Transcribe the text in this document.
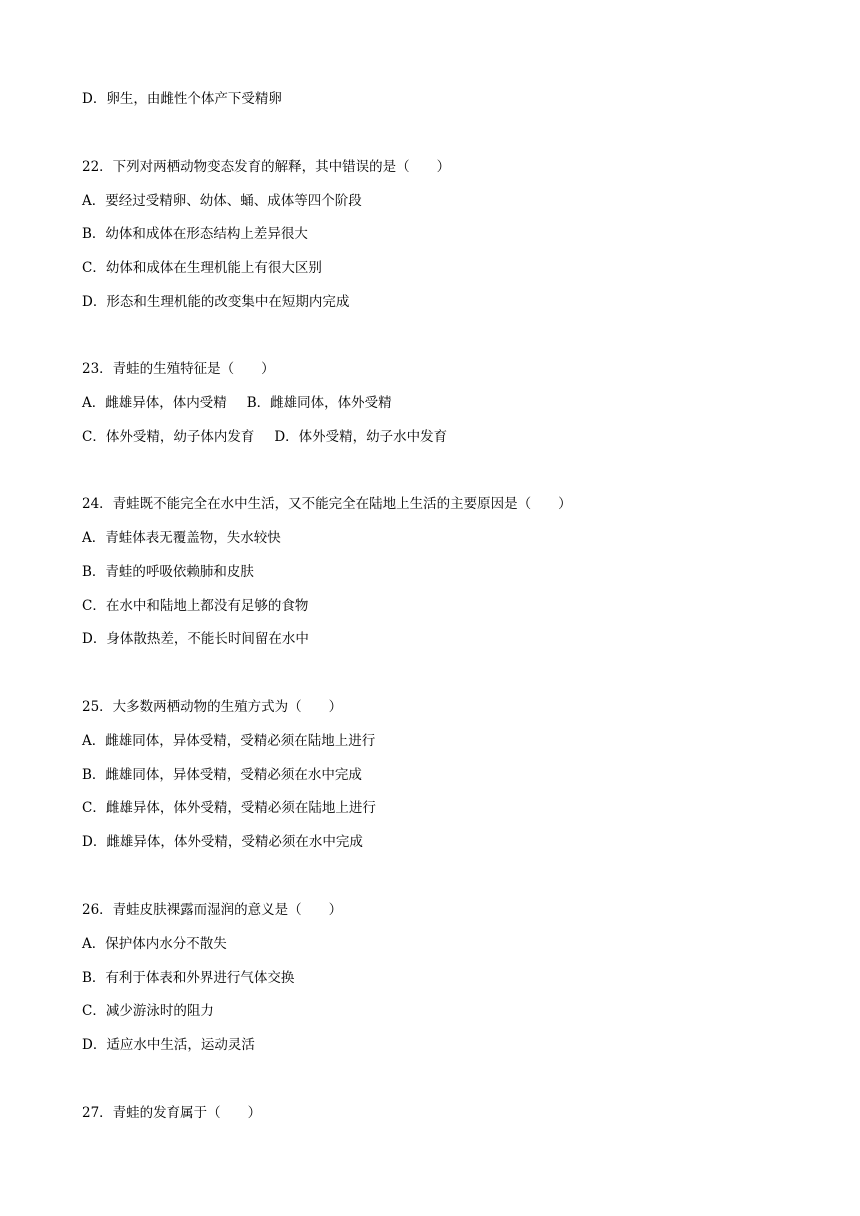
D．卵生，由雌性个体产下受精卵
22．下列对两栖动物变态发育的解释，其中错误的是（　　）
A．要经过受精卵、幼体、蛹、成体等四个阶段
B．幼体和成体在形态结构上差异很大
C．幼体和成体在生理机能上有很大区别
D．形态和生理机能的改变集中在短期内完成
23．青蛙的生殖特征是（　　）
A．雌雄异体，体内受精 B．雌雄同体，体外受精
C．体外受精，幼子体内发育 D．体外受精，幼子水中发育
24．青蛙既不能完全在水中生活，又不能完全在陆地上生活的主要原因是（　　）
A．青蛙体表无覆盖物，失水较快
B．青蛙的呼吸依赖肺和皮肤
C．在水中和陆地上都没有足够的食物
D．身体散热差，不能长时间留在水中
25．大多数两栖动物的生殖方式为（　　）
A．雌雄同体，异体受精，受精必须在陆地上进行
B．雌雄同体，异体受精，受精必须在水中完成
C．雌雄异体，体外受精，受精必须在陆地上进行
D．雌雄异体，体外受精，受精必须在水中完成
26．青蛙皮肤裸露而湿润的意义是（　　）
A．保护体内水分不散失
B．有利于体表和外界进行气体交换
C．减少游泳时的阻力
D．适应水中生活，运动灵活
27．青蛙的发育属于（　　）
